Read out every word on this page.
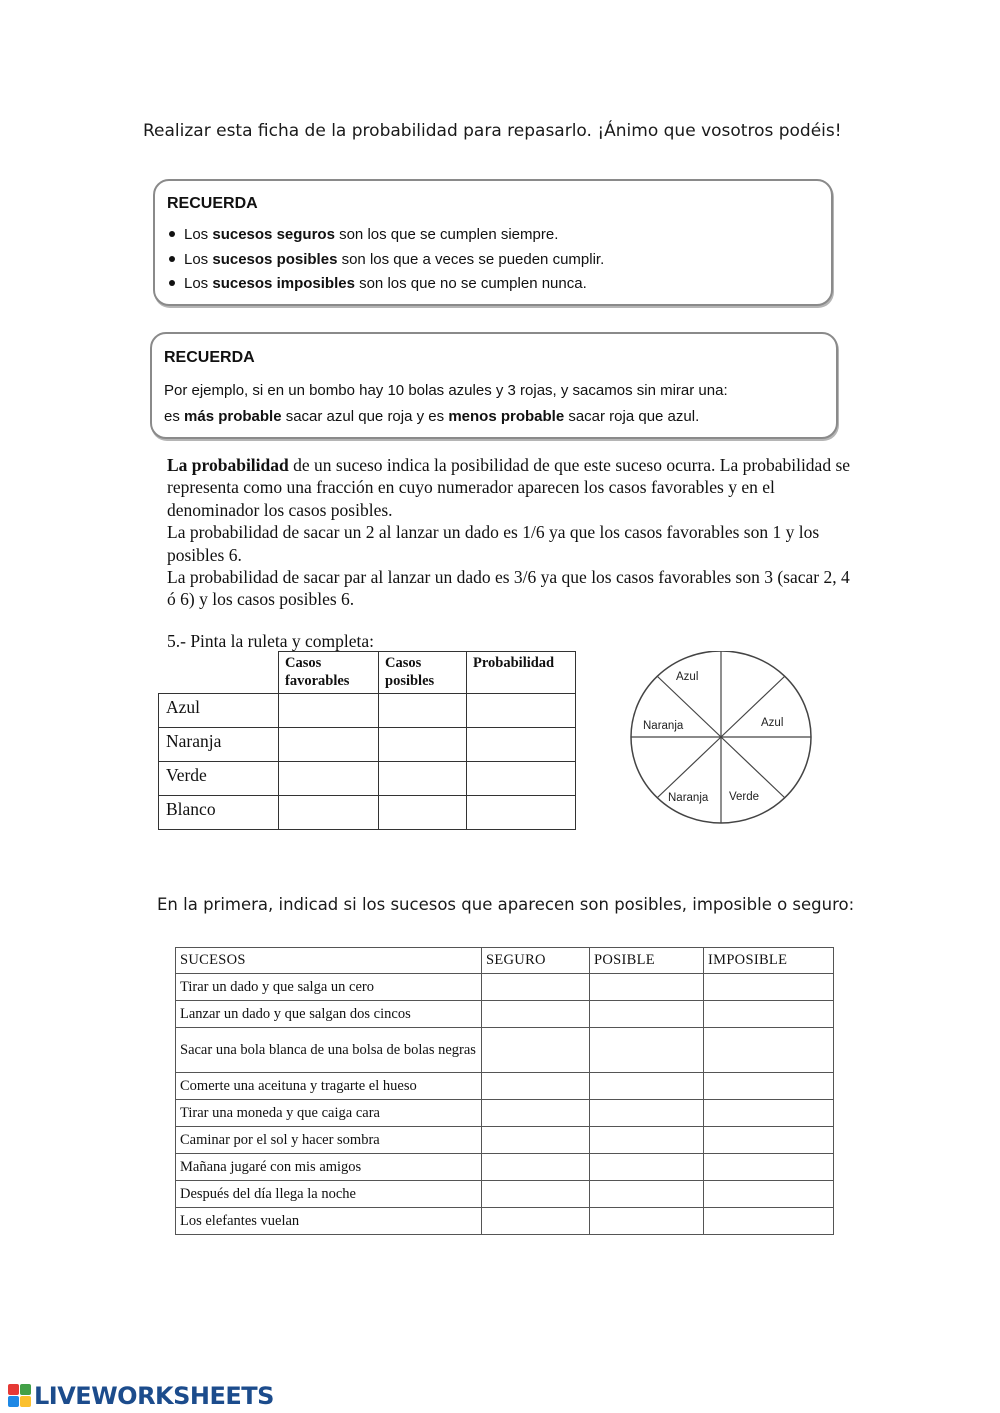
Realizar esta ficha de la probabilidad para repasarlo. ¡Ánimo que vosotros podéis!
RECUERDA
Los sucesos seguros son los que se cumplen siempre.
Los sucesos posibles son los que a veces se pueden cumplir.
Los sucesos imposibles son los que no se cumplen nunca.
RECUERDA
Por ejemplo, si en un bombo hay 10 bolas azules y 3 rojas, y sacamos sin mirar una:
es más probable sacar azul que roja y es menos probable sacar roja que azul.

La probabilidad de un suceso indica la posibilidad de que este suceso ocurra. La probabilidad se representa como una fracción en cuyo numerador aparecen los casos favorables y en el denominador los casos posibles.

La probabilidad de sacar un 2 al lanzar un dado es 1/6 ya que los casos favorables son 1 y los posibles 6.

La probabilidad de sacar par al lanzar un dado es 3/6 ya que los casos favorables son 3 (sacar 2, 4 ó 6) y los casos posibles 6.

5.- Pinta la ruleta y completa:
	Casos favorables	Casos posibles	Probabilidad
Azul			
Naranja			
Verde			
Blanco			
Azul
Azul
Verde
Naranja
Naranja
En la primera, indicad si los sucesos que aparecen son posibles, imposible o seguro:
SUCESOS	SEGURO	POSIBLE	IMPOSIBLE
Tirar un dado y que salga un cero			
Lanzar un dado y que salgan dos cincos			
Sacar una bola blanca de una bolsa de bolas negras			
Comerte una aceituna y tragarte el hueso			
Tirar una moneda y que caiga cara			
Caminar por el sol y hacer sombra			
Mañana jugaré con mis amigos			
Después del día llega la noche			
Los elefantes vuelan			
LIVEWORKSHEETS
